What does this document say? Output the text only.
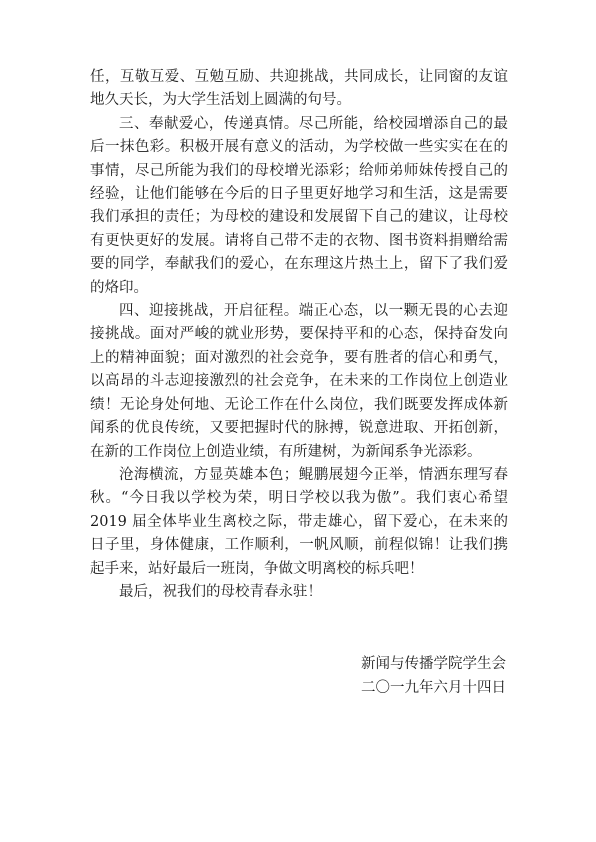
任，互敬互爱、互勉互励、共迎挑战，共同成长，让同窗的友谊地久天长，为大学生活划上圆满的句号。

三、奉献爱心，传递真情。尽己所能，给校园增添自己的最后一抹色彩。积极开展有意义的活动，为学校做一些实实在在的事情，尽己所能为我们的母校增光添彩；给师弟师妹传授自己的经验，让他们能够在今后的日子里更好地学习和生活，这是需要我们承担的责任；为母校的建设和发展留下自己的建议，让母校有更快更好的发展。请将自己带不走的衣物、图书资料捐赠给需要的同学，奉献我们的爱心，在东理这片热土上，留下了我们爱的烙印。

四、迎接挑战，开启征程。端正心态，以一颗无畏的心去迎接挑战。面对严峻的就业形势，要保持平和的心态，保持奋发向上的精神面貌；面对激烈的社会竞争，要有胜者的信心和勇气，以高昂的斗志迎接激烈的社会竞争，在未来的工作岗位上创造业绩！无论身处何地、无论工作在什么岗位，我们既要发挥成体新闻系的优良传统，又要把握时代的脉搏，锐意进取、开拓创新，在新的工作岗位上创造业绩，有所建树，为新闻系争光添彩。

沧海横流，方显英雄本色；鲲鹏展翅今正举，情洒东理写春秋。“今日我以学校为荣，明日学校以我为傲”。我们衷心希望 2019 届全体毕业生离校之际，带走雄心，留下爱心，在未来的日子里，身体健康，工作顺利，一帆风顺，前程似锦！让我们携起手来，站好最后一班岗，争做文明离校的标兵吧！

最后，祝我们的母校青春永驻！

新闻与传播学院学生会
二〇一九年六月十四日
